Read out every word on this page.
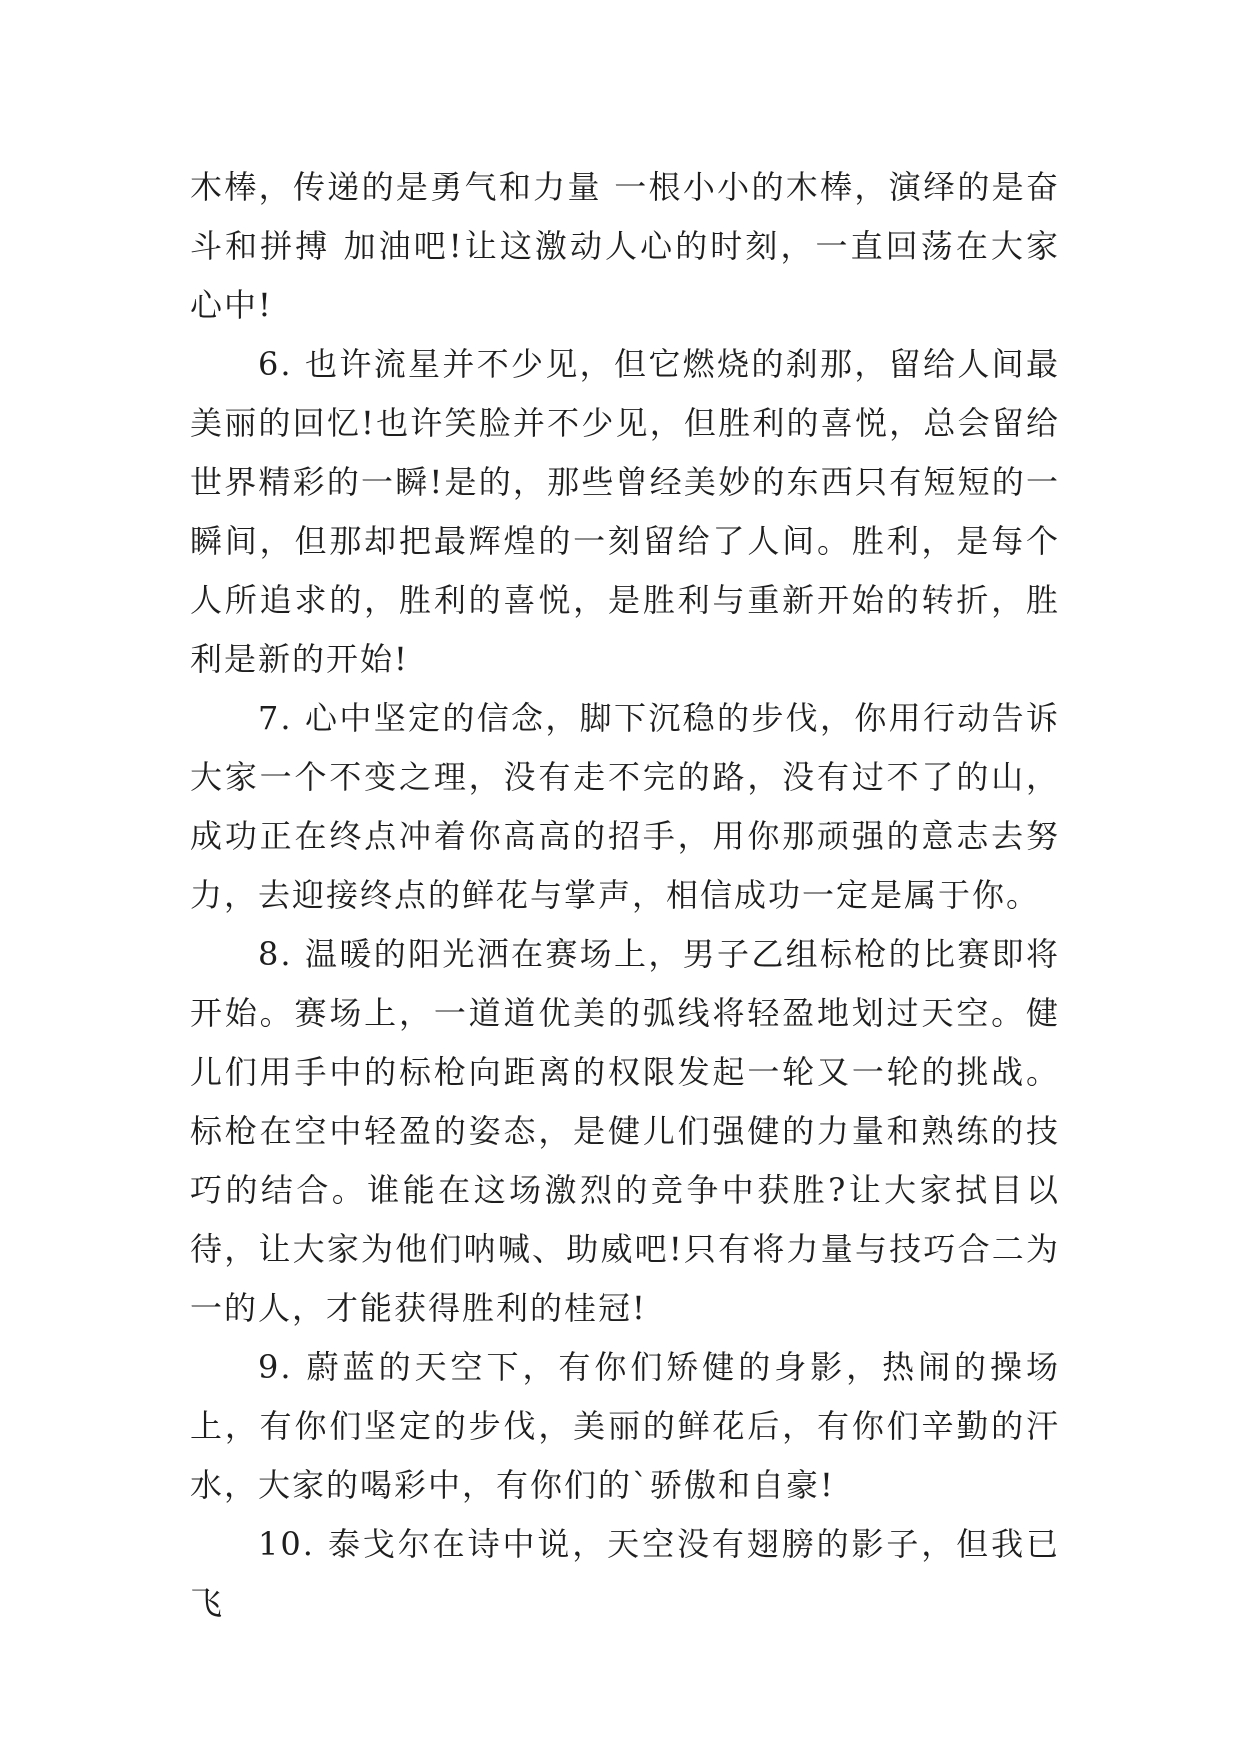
木棒，传递的是勇气和力量 一根小小的木棒，演绎的是奋斗和拼搏 加油吧!让这激动人心的时刻，一直回荡在大家心中!

6. 也许流星并不少见，但它燃烧的刹那，留给人间最美丽的回忆!也许笑脸并不少见，但胜利的喜悦，总会留给世界精彩的一瞬!是的，那些曾经美妙的东西只有短短的一瞬间，但那却把最辉煌的一刻留给了人间。胜利，是每个人所追求的，胜利的喜悦，是胜利与重新开始的转折，胜利是新的开始!

7. 心中坚定的信念，脚下沉稳的步伐，你用行动告诉大家一个不变之理，没有走不完的路，没有过不了的山，成功正在终点冲着你高高的招手，用你那顽强的意志去努力，去迎接终点的鲜花与掌声，相信成功一定是属于你。

8. 温暖的阳光洒在赛场上，男子乙组标枪的比赛即将开始。赛场上，一道道优美的弧线将轻盈地划过天空。健儿们用手中的标枪向距离的权限发起一轮又一轮的挑战。标枪在空中轻盈的姿态，是健儿们强健的力量和熟练的技巧的结合。谁能在这场激烈的竞争中获胜?让大家拭目以待，让大家为他们呐喊、助威吧!只有将力量与技巧合二为一的人，才能获得胜利的桂冠!

9. 蔚蓝的天空下，有你们矫健的身影，热闹的操场上，有你们坚定的步伐，美丽的鲜花后，有你们辛勤的汗水，大家的喝彩中，有你们的`骄傲和自豪!

10. 泰戈尔在诗中说，天空没有翅膀的影子，但我已飞
